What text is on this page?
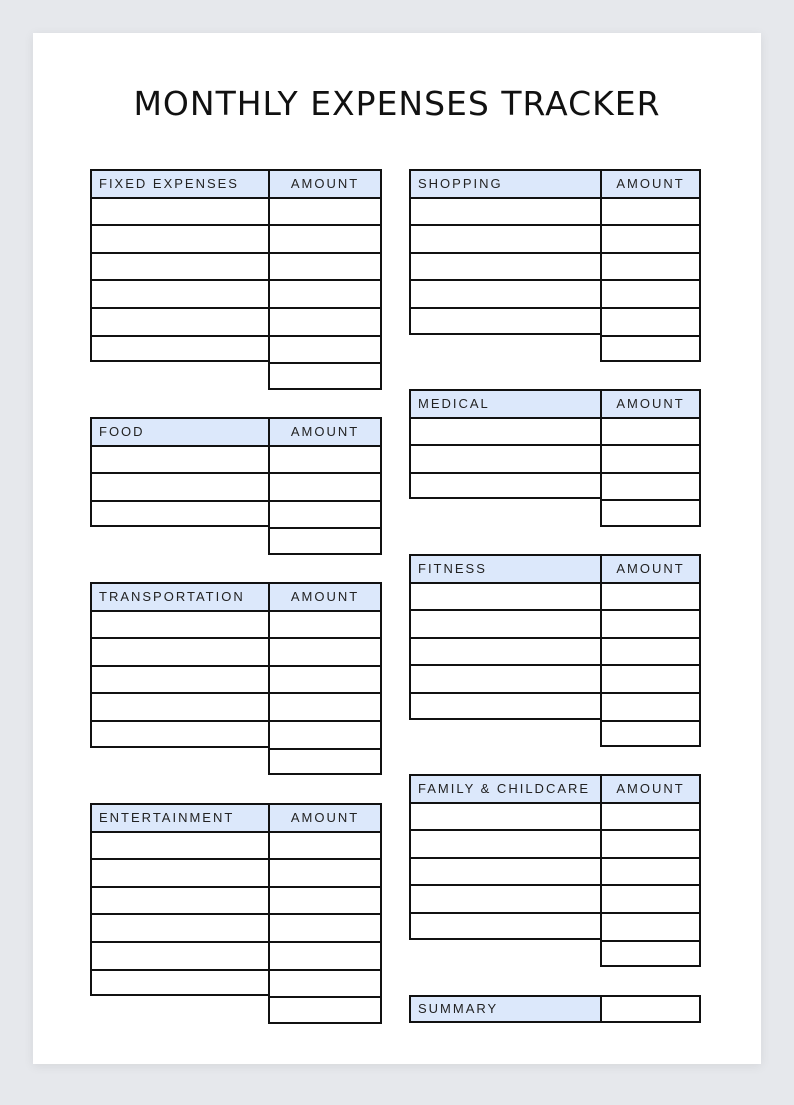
MONTHLY EXPENSES TRACKER
FIXED EXPENSES	AMOUNT
FOOD	AMOUNT
TRANSPORTATION	AMOUNT
ENTERTAINMENT	AMOUNT
SHOPPING	AMOUNT
MEDICAL	AMOUNT
FITNESS	AMOUNT
FAMILY & CHILDCARE	AMOUNT
SUMMARY
